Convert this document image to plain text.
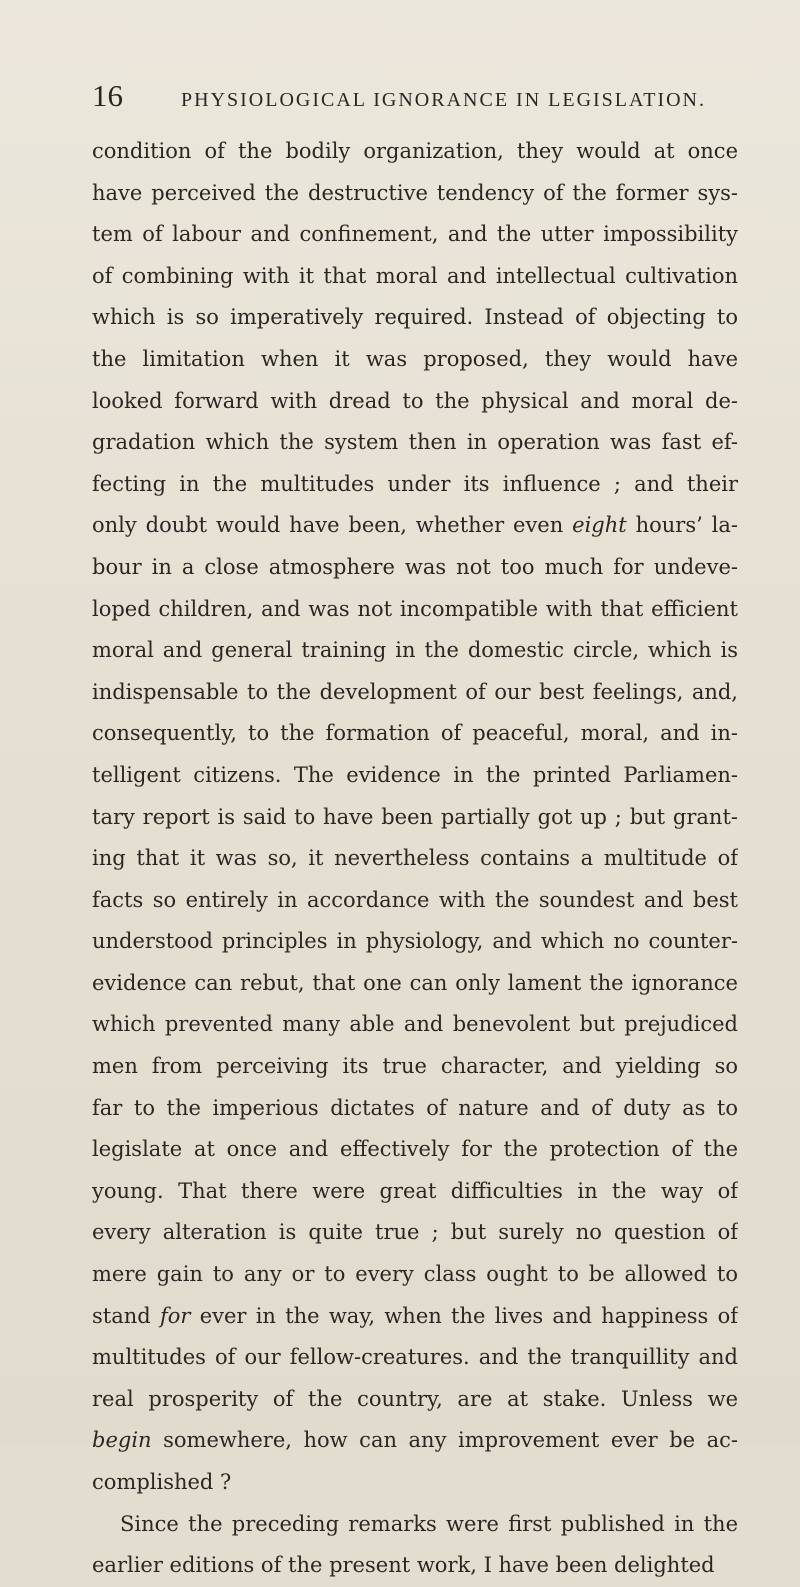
16	PHYSIOLOGICAL IGNORANCE IN LEGISLATION.
condition of the bodily organization, they would at once
have perceived the destructive tendency of the former sys-
tem of labour and confinement, and the utter impossibility
of combining with it that moral and intellectual cultivation
which is so imperatively required. Instead of objecting to
the limitation when it was proposed, they would have
looked forward with dread to the physical and moral de-
gradation which the system then in operation was fast ef-
fecting in the multitudes under its influence ; and their
only doubt would have been, whether even eight hours’ la-
bour in a close atmosphere was not too much for undeve-
loped children, and was not incompatible with that efficient
moral and general training in the domestic circle, which is
indispensable to the development of our best feelings, and,
consequently, to the formation of peaceful, moral, and in-
telligent citizens. The evidence in the printed Parliamen-
tary report is said to have been partially got up ; but grant-
ing that it was so, it nevertheless contains a multitude of
facts so entirely in accordance with the soundest and best
understood principles in physiology, and which no counter-
evidence can rebut, that one can only lament the ignorance
which prevented many able and benevolent but prejudiced
men from perceiving its true character, and yielding so
far to the imperious dictates of nature and of duty as to
legislate at once and effectively for the protection of the
young. That there were great difficulties in the way of
every alteration is quite true ; but surely no question of
mere gain to any or to every class ought to be allowed to
stand for ever in the way, when the lives and happiness of
multitudes of our fellow-creatures. and the tranquillity and
real prosperity of the country, are at stake. Unless we
begin somewhere, how can any improvement ever be ac-
complished ?
Since the preceding remarks were first published in the
earlier editions of the present work, I have been delighted
